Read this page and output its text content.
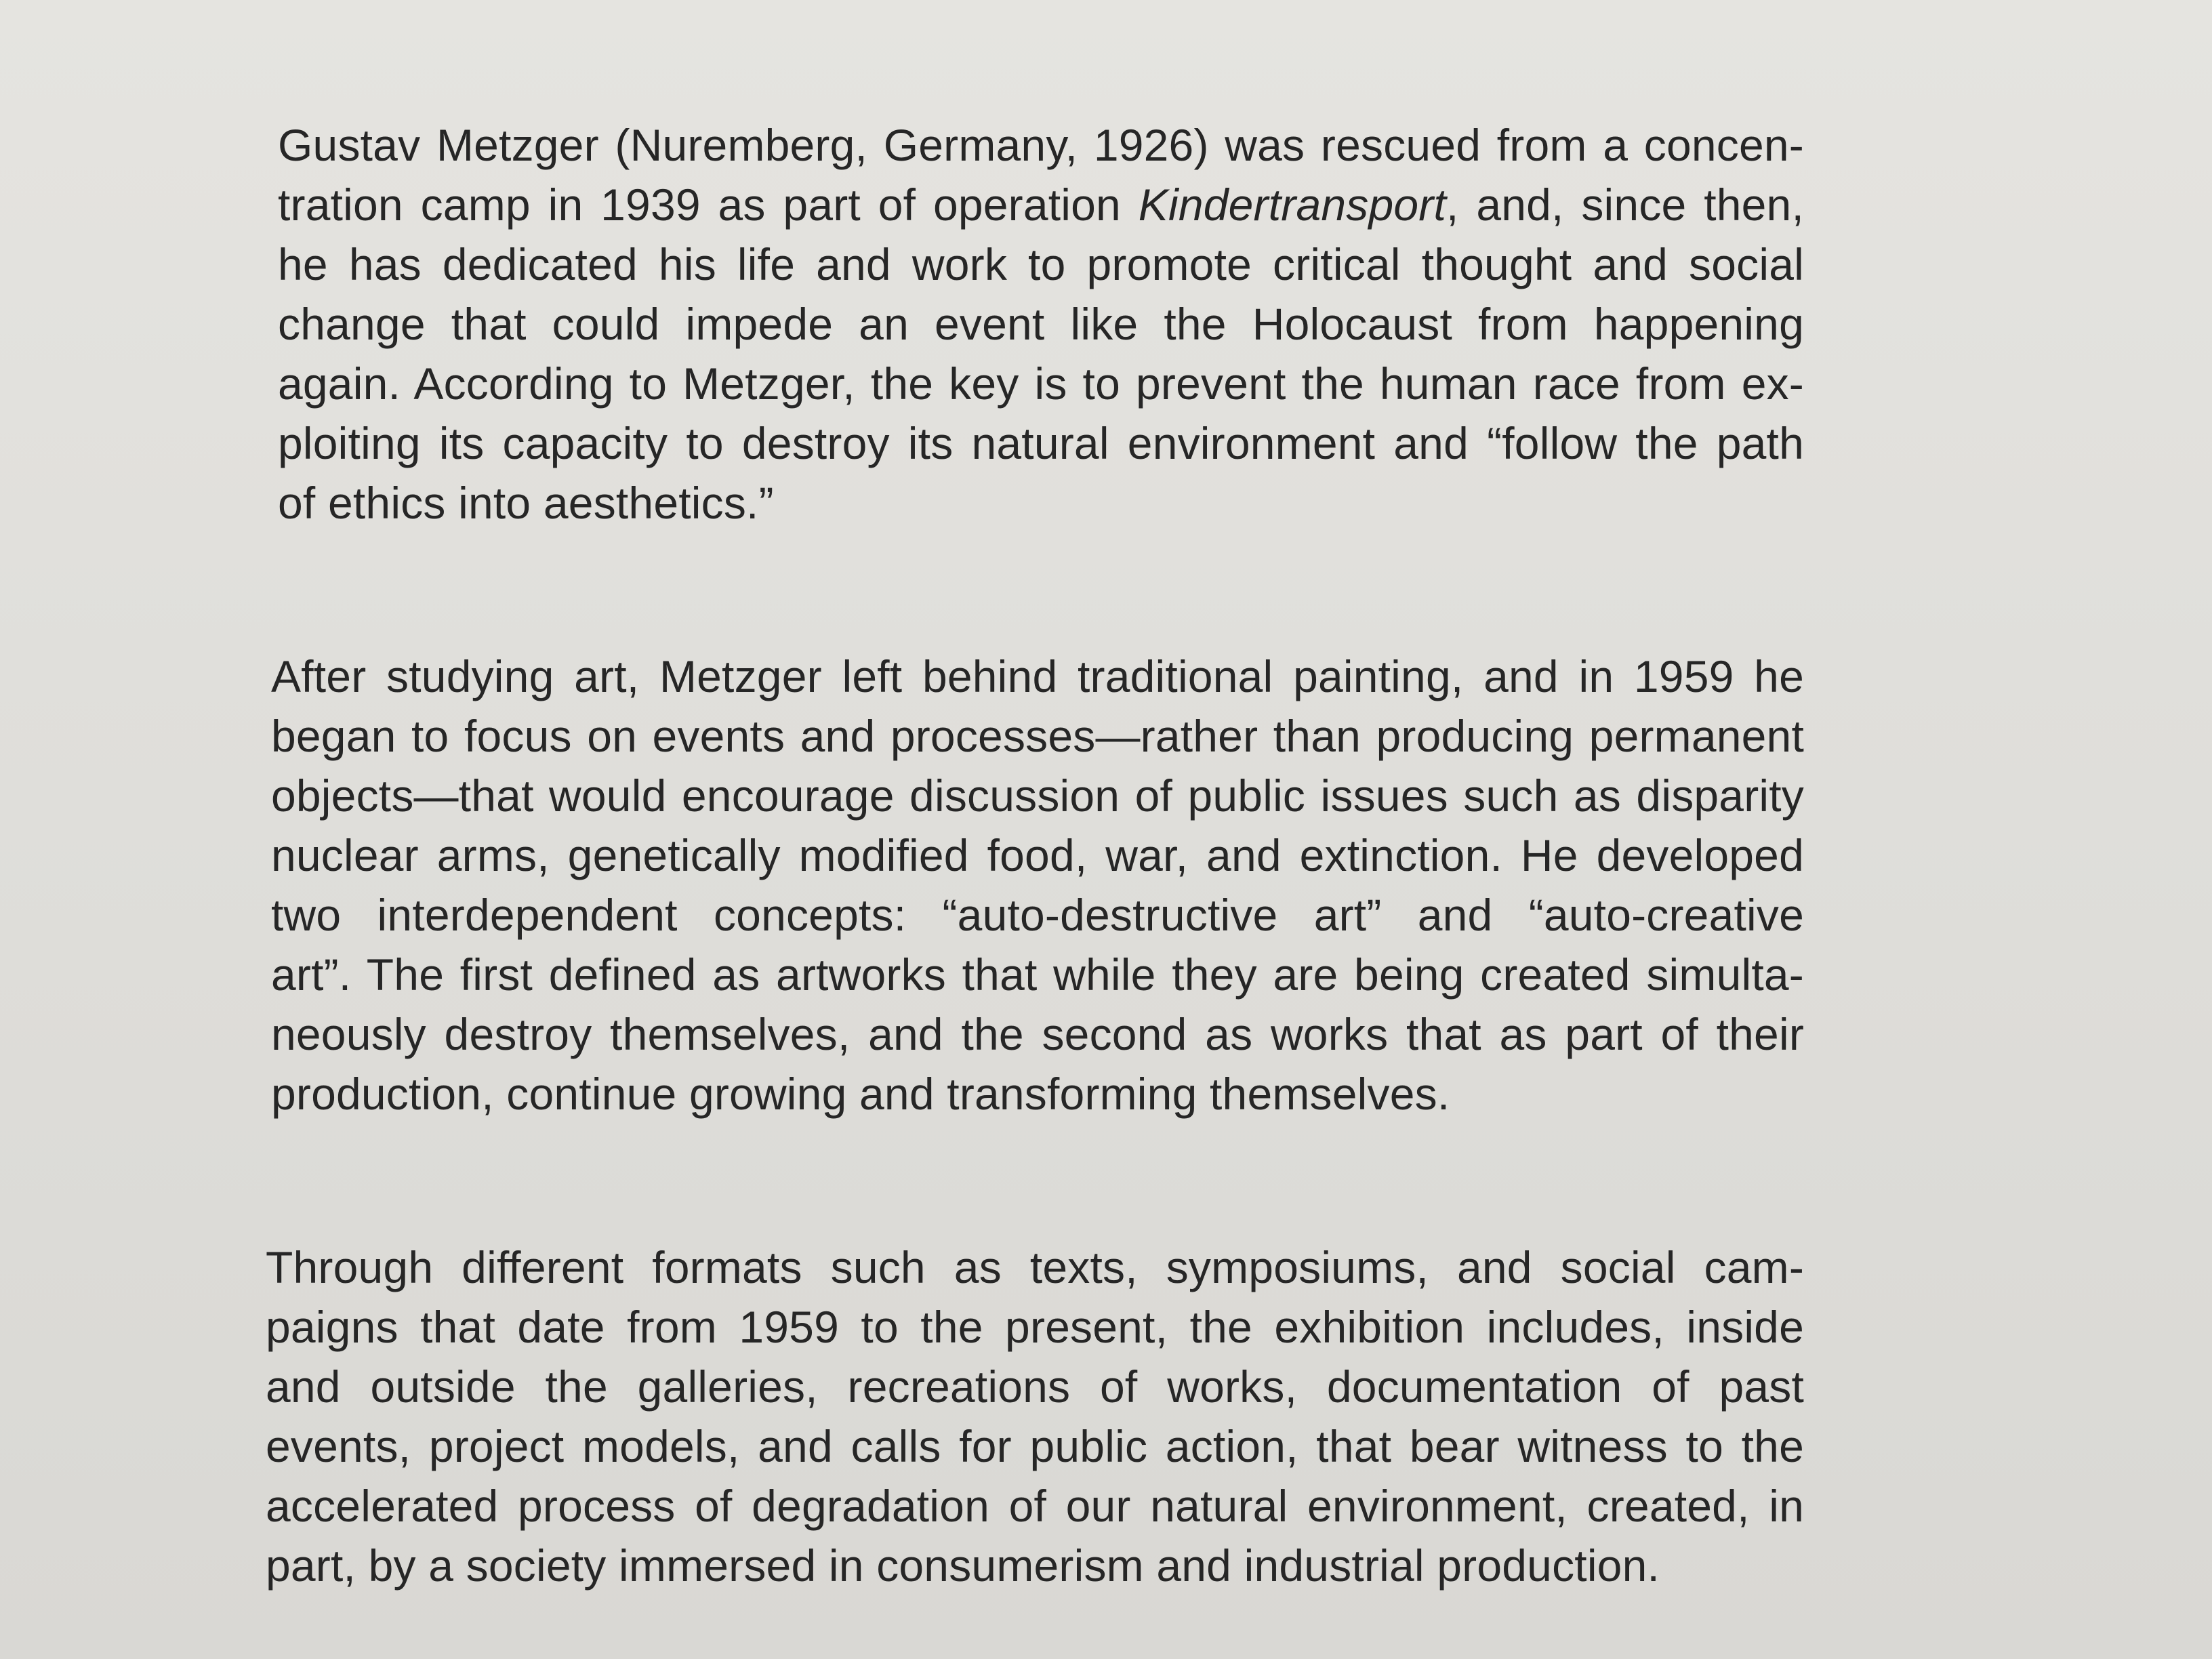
Gustav Metzger (Nuremberg, Germany, 1926) was rescued from a concen-
tration camp in 1939 as part of operation Kindertransport, and, since then,
he has dedicated his life and work to promote critical thought and social
change that could impede an event like the Holocaust from happening
again. According to Metzger, the key is to prevent the human race from ex-
ploiting its capacity to destroy its natural environment and “follow the path
of ethics into aesthetics.”

After studying art, Metzger left behind traditional painting, and in 1959 he
began to focus on events and processes—rather than producing permanent
objects—that would encourage discussion of public issues such as disparity
nuclear arms, genetically modified food, war, and extinction. He developed
two interdependent concepts: “auto-destructive art” and “auto-creative
art”. The first defined as artworks that while they are being created simulta-
neously destroy themselves, and the second as works that as part of their
production, continue growing and transforming themselves.

Through different formats such as texts, symposiums, and social cam-
paigns that date from 1959 to the present, the exhibition includes, inside
and outside the galleries, recreations of works, documentation of past
events, project models, and calls for public action, that bear witness to the
accelerated process of degradation of our natural environment, created, in
part, by a society immersed in consumerism and industrial production.
